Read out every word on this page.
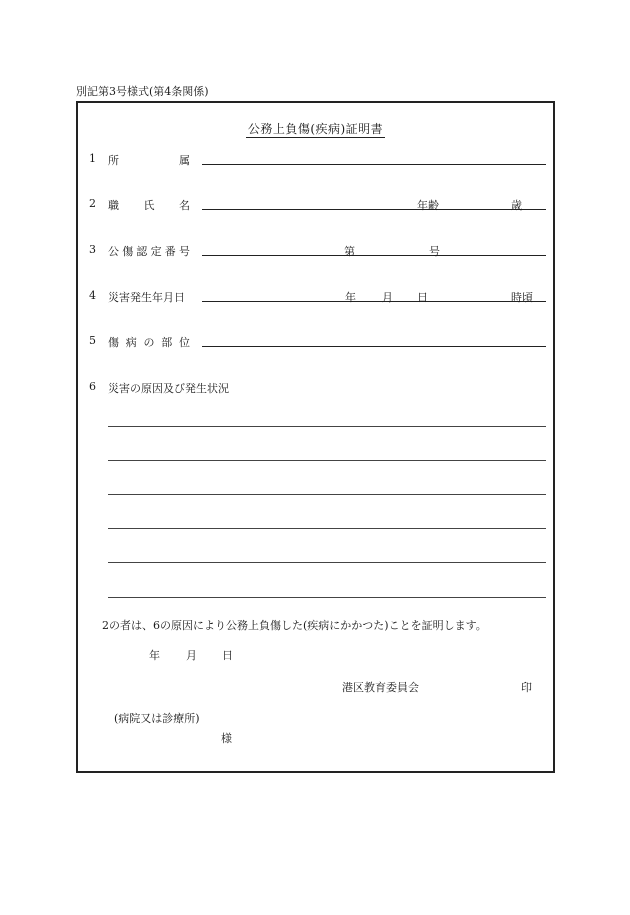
別記第3号様式(第4条関係)
公務上負傷(疾病)証明書
1 所	属
2 職 氏 名	年齢	歳
3 公 傷 認 定 番 号	第	号
4 災害発生年月日	年 月 日	時頃
5 傷 病 の 部 位
6 災害の原因及び発生状況
2の者は、6の原因により公務上負傷した(疾病にかかつた)ことを証明します。
年 月 日
港区教育委員会	印
(病院又は診療所)
様
